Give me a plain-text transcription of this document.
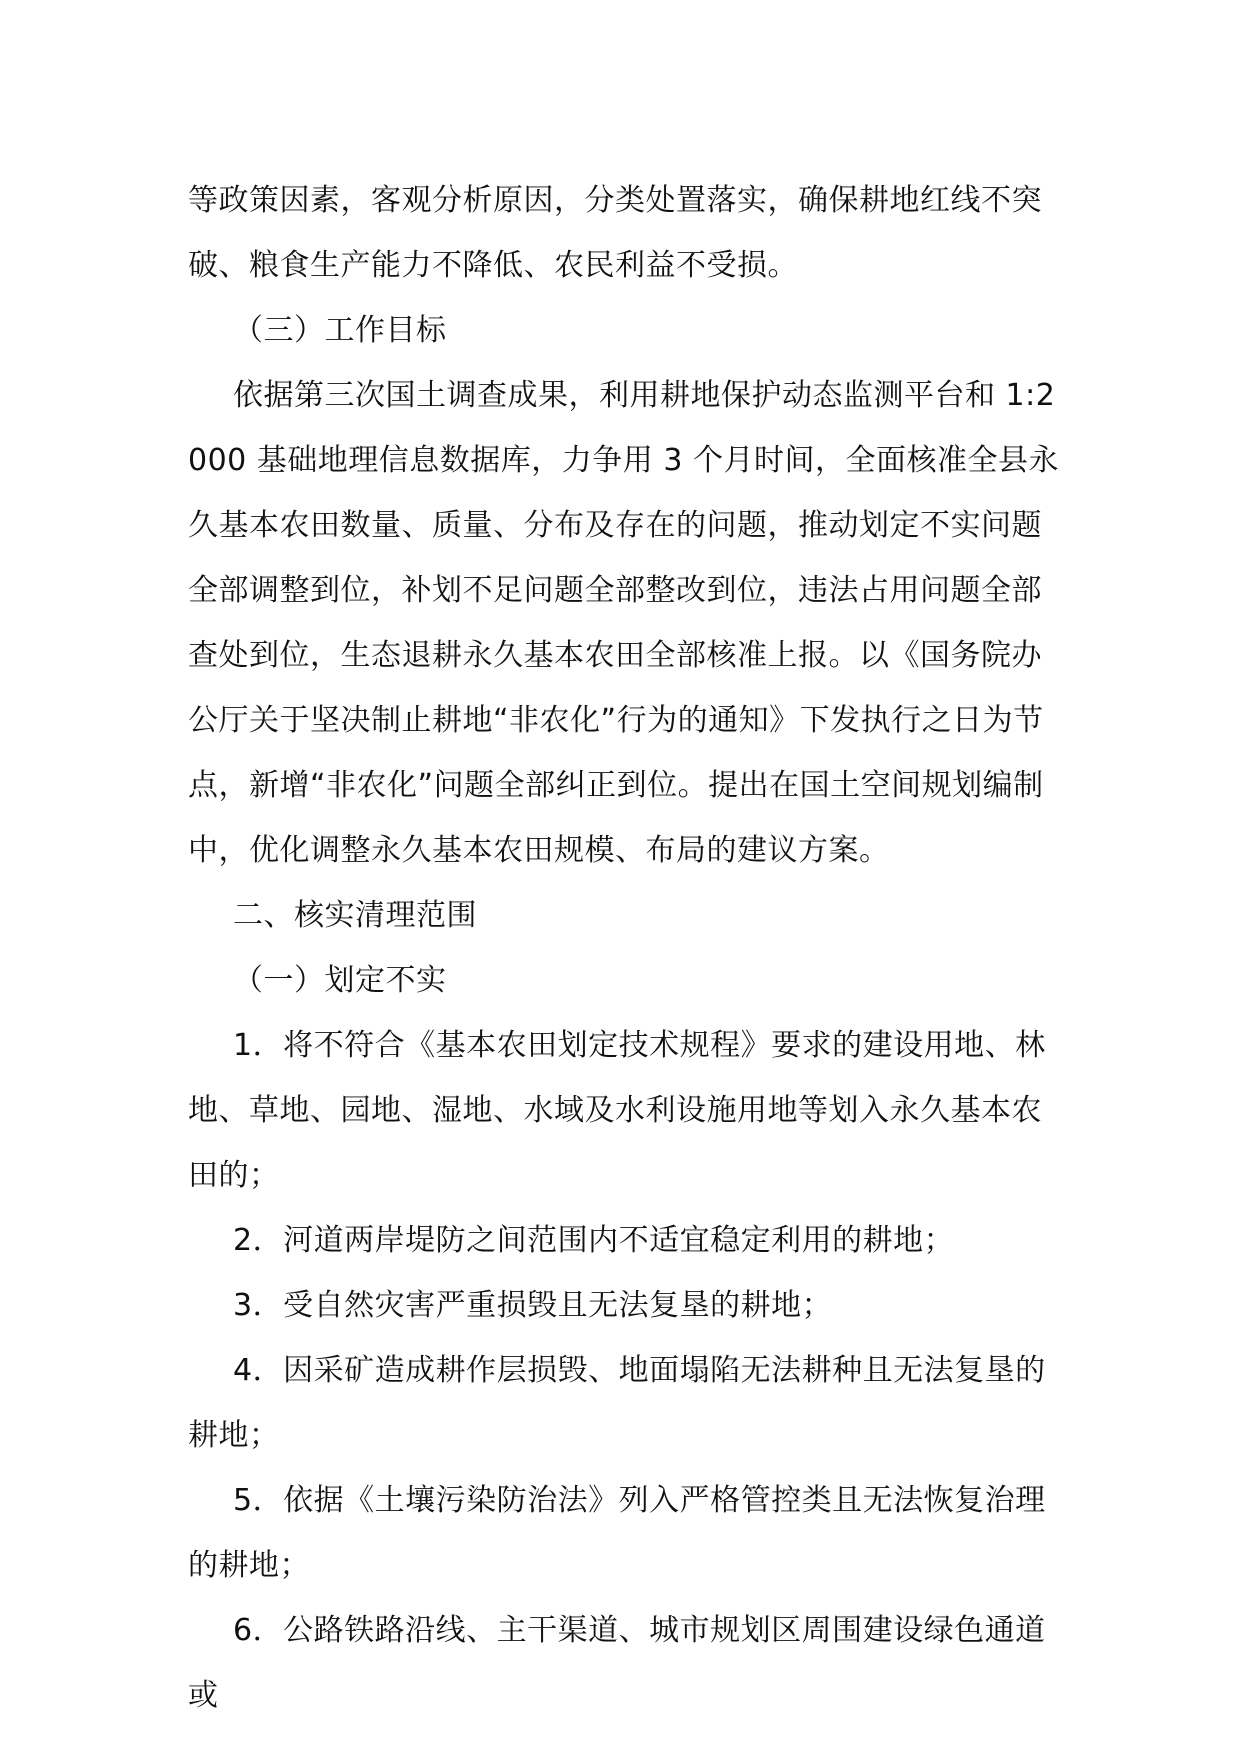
等政策因素，客观分析原因，分类处置落实，确保耕地红线不突破、粮食生产能力不降低、农民利益不受损。

（三）工作目标

依据第三次国土调查成果，利用耕地保护动态监测平台和 1:2000 基础地理信息数据库，力争用 3 个月时间，全面核准全县永久基本农田数量、质量、分布及存在的问题，推动划定不实问题全部调整到位，补划不足问题全部整改到位，违法占用问题全部查处到位，生态退耕永久基本农田全部核准上报。以《国务院办公厅关于坚决制止耕地“非农化”行为的通知》下发执行之日为节点，新增“非农化”问题全部纠正到位。提出在国土空间规划编制中，优化调整永久基本农田规模、布局的建议方案。

二、核实清理范围

（一）划定不实

1．将不符合《基本农田划定技术规程》要求的建设用地、林地、草地、园地、湿地、水域及水利设施用地等划入永久基本农田的；

2．河道两岸堤防之间范围内不适宜稳定利用的耕地；

3．受自然灾害严重损毁且无法复垦的耕地；

4．因采矿造成耕作层损毁、地面塌陷无法耕种且无法复垦的耕地；

5．依据《土壤污染防治法》列入严格管控类且无法恢复治理的耕地；

6．公路铁路沿线、主干渠道、城市规划区周围建设绿色通道或
